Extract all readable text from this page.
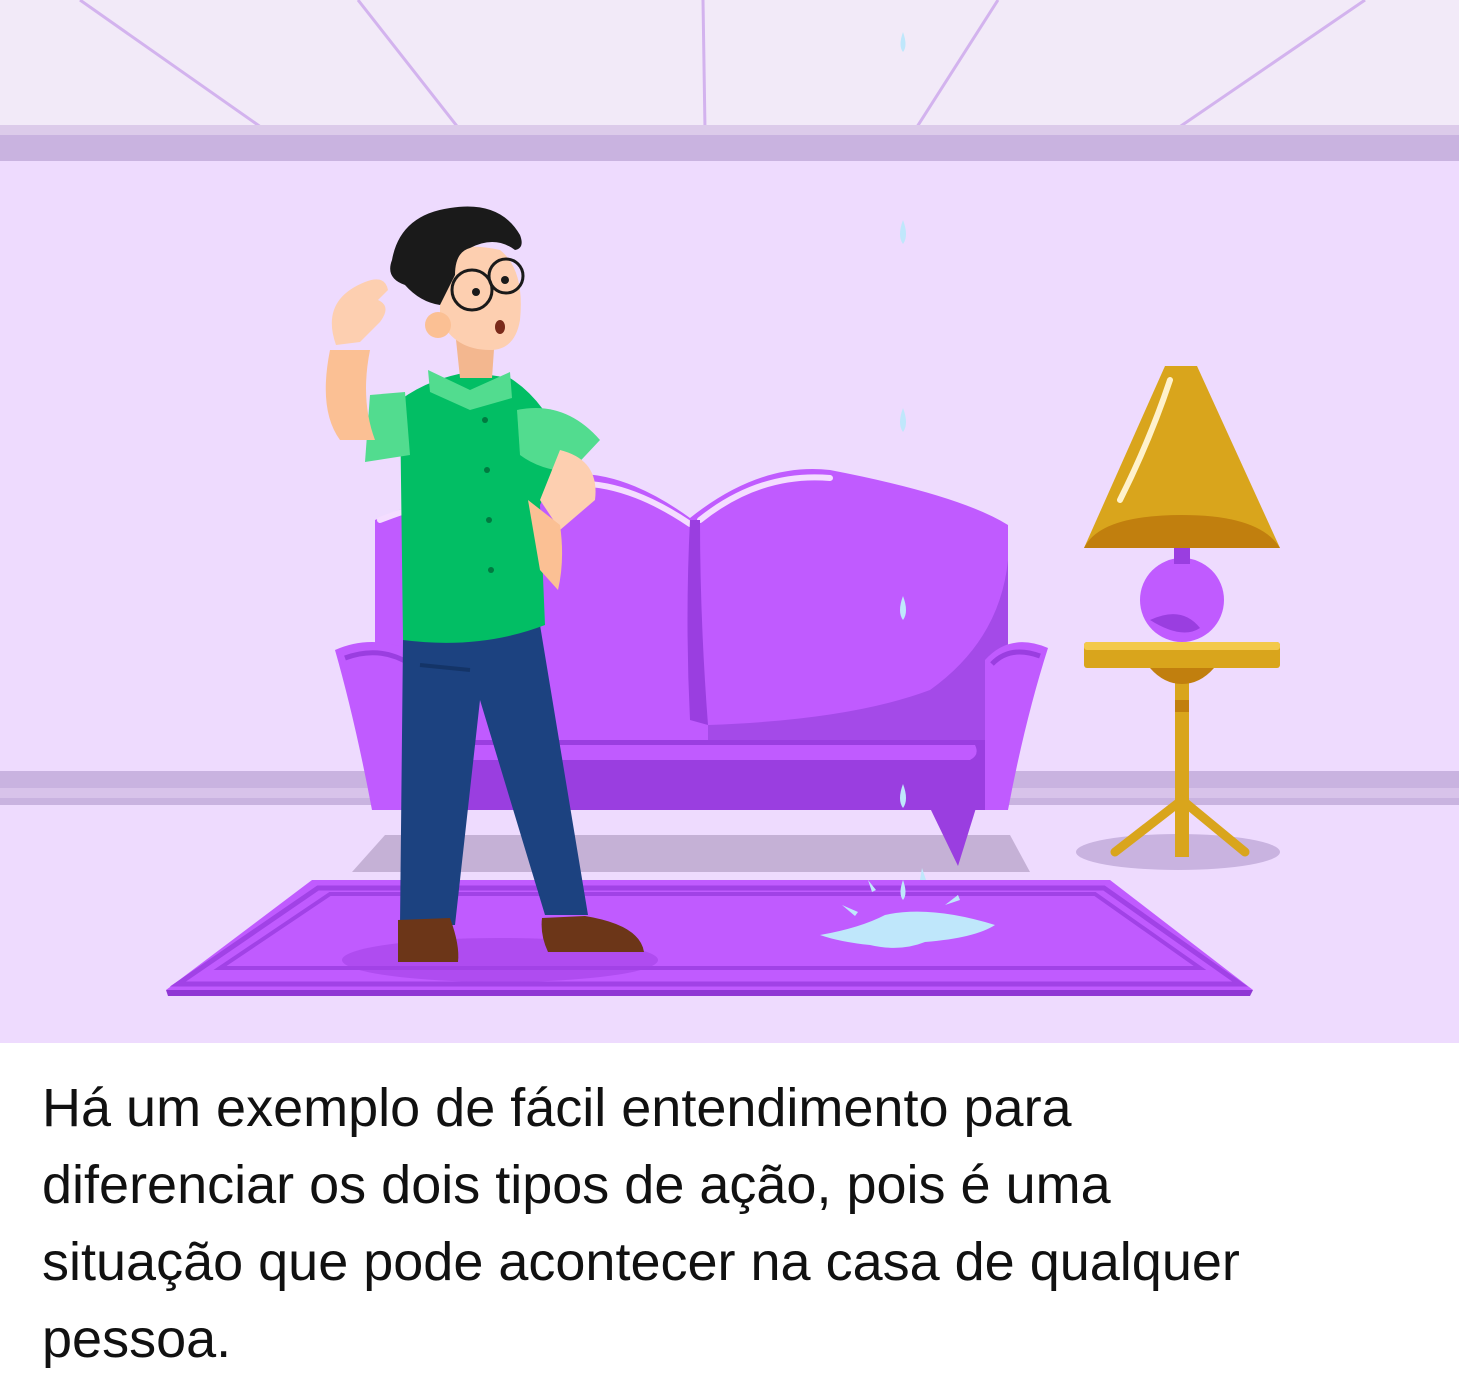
Há um exemplo de fácil entendimento para
diferenciar os dois tipos de ação, pois é uma
situação que pode acontecer na casa de qualquer
pessoa.
